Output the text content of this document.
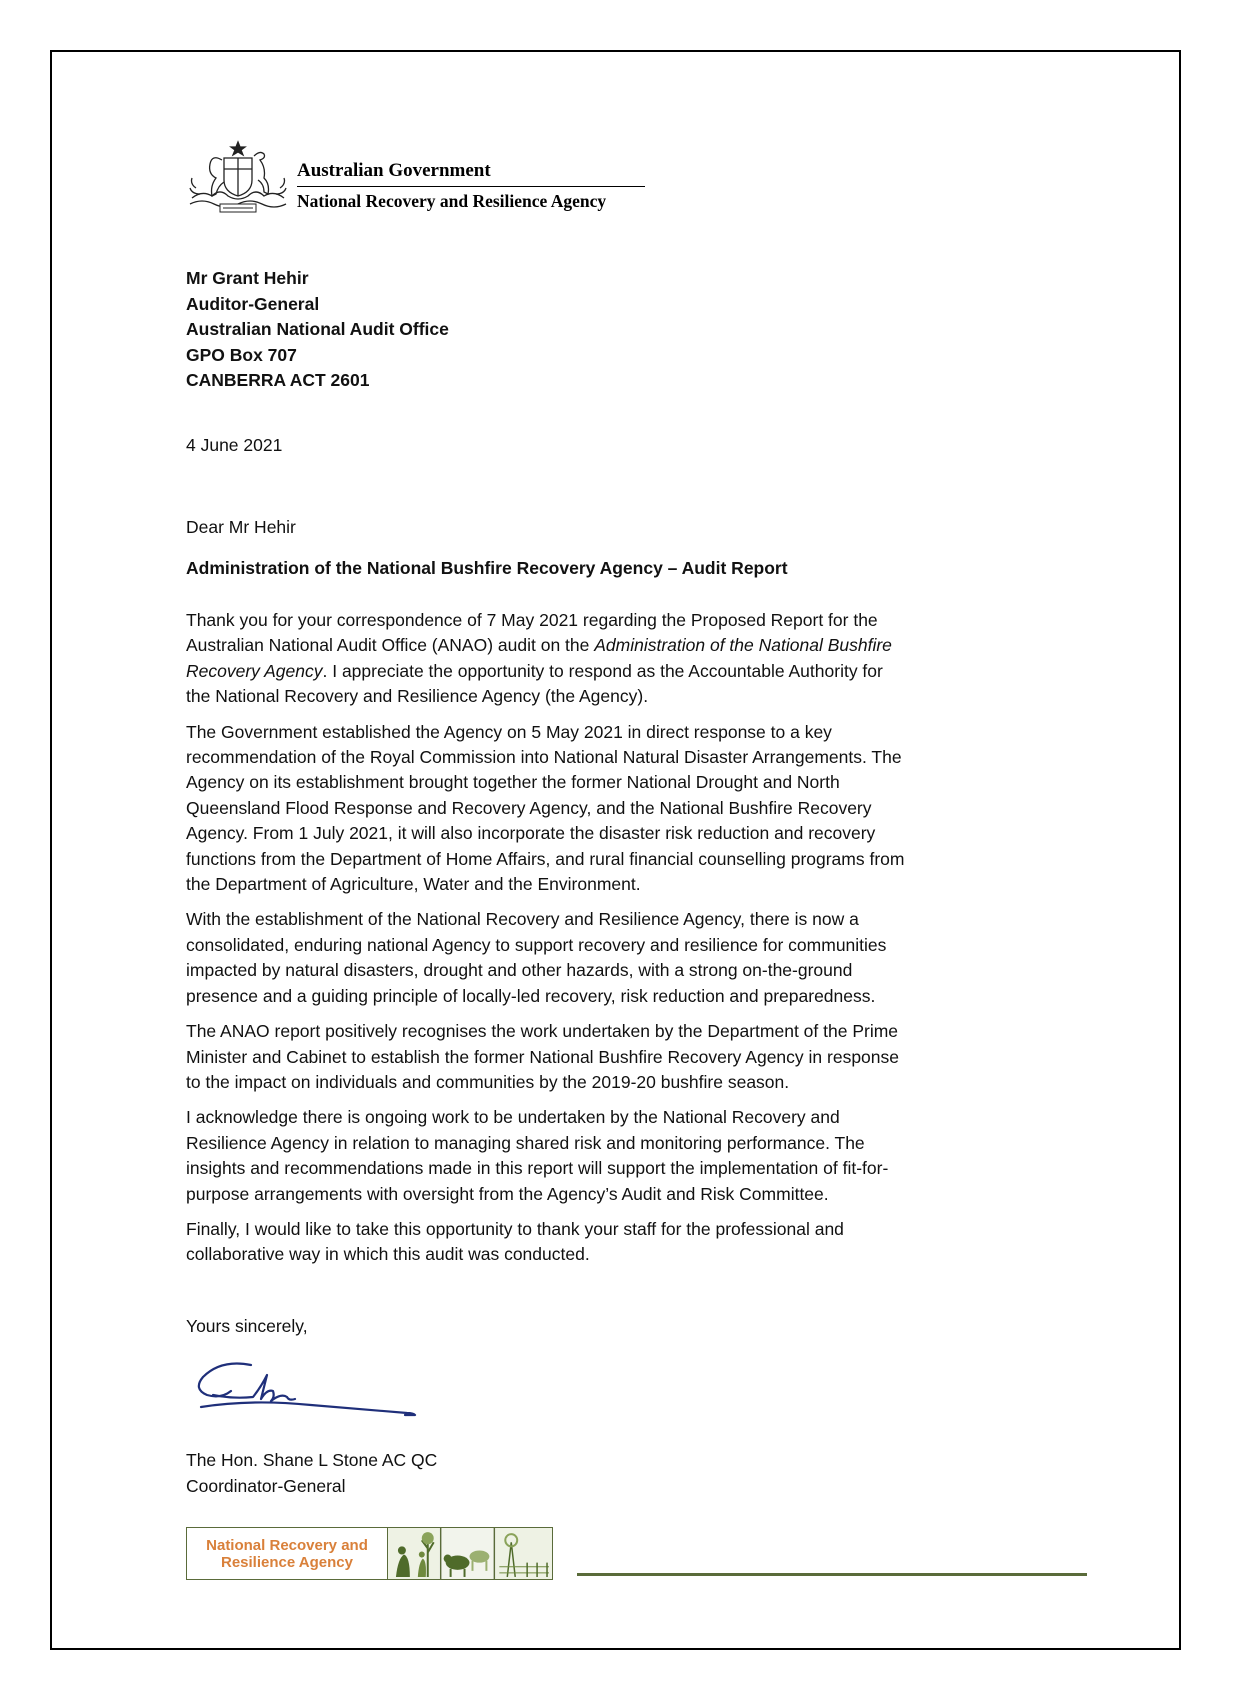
Australian Government
National Recovery and Resilience Agency
Mr Grant Hehir
Auditor-General
Australian National Audit Office
GPO Box 707
CANBERRA ACT 2601
4 June 2021
Dear Mr Hehir
Administration of the National Bushfire Recovery Agency – Audit Report

Thank you for your correspondence of 7 May 2021 regarding the Proposed Report for the
Australian National Audit Office (ANAO) audit on the Administration of the National Bushfire
Recovery Agency. I appreciate the opportunity to respond as the Accountable Authority for
the National Recovery and Resilience Agency (the Agency).

The Government established the Agency on 5 May 2021 in direct response to a key
recommendation of the Royal Commission into National Natural Disaster Arrangements. The
Agency on its establishment brought together the former National Drought and North
Queensland Flood Response and Recovery Agency, and the National Bushfire Recovery
Agency. From 1 July 2021, it will also incorporate the disaster risk reduction and recovery
functions from the Department of Home Affairs, and rural financial counselling programs from
the Department of Agriculture, Water and the Environment.

With the establishment of the National Recovery and Resilience Agency, there is now a
consolidated, enduring national Agency to support recovery and resilience for communities
impacted by natural disasters, drought and other hazards, with a strong on-the-ground
presence and a guiding principle of locally-led recovery, risk reduction and preparedness.

The ANAO report positively recognises the work undertaken by the Department of the Prime
Minister and Cabinet to establish the former National Bushfire Recovery Agency in response
to the impact on individuals and communities by the 2019-20 bushfire season.

I acknowledge there is ongoing work to be undertaken by the National Recovery and
Resilience Agency in relation to managing shared risk and monitoring performance. The
insights and recommendations made in this report will support the implementation of fit-for-
purpose arrangements with oversight from the Agency’s Audit and Risk Committee.

Finally, I would like to take this opportunity to thank your staff for the professional and
collaborative way in which this audit was conducted.

Yours sincerely,
The Hon. Shane L Stone AC QC
Coordinator-General
National Recovery and
Resilience Agency
